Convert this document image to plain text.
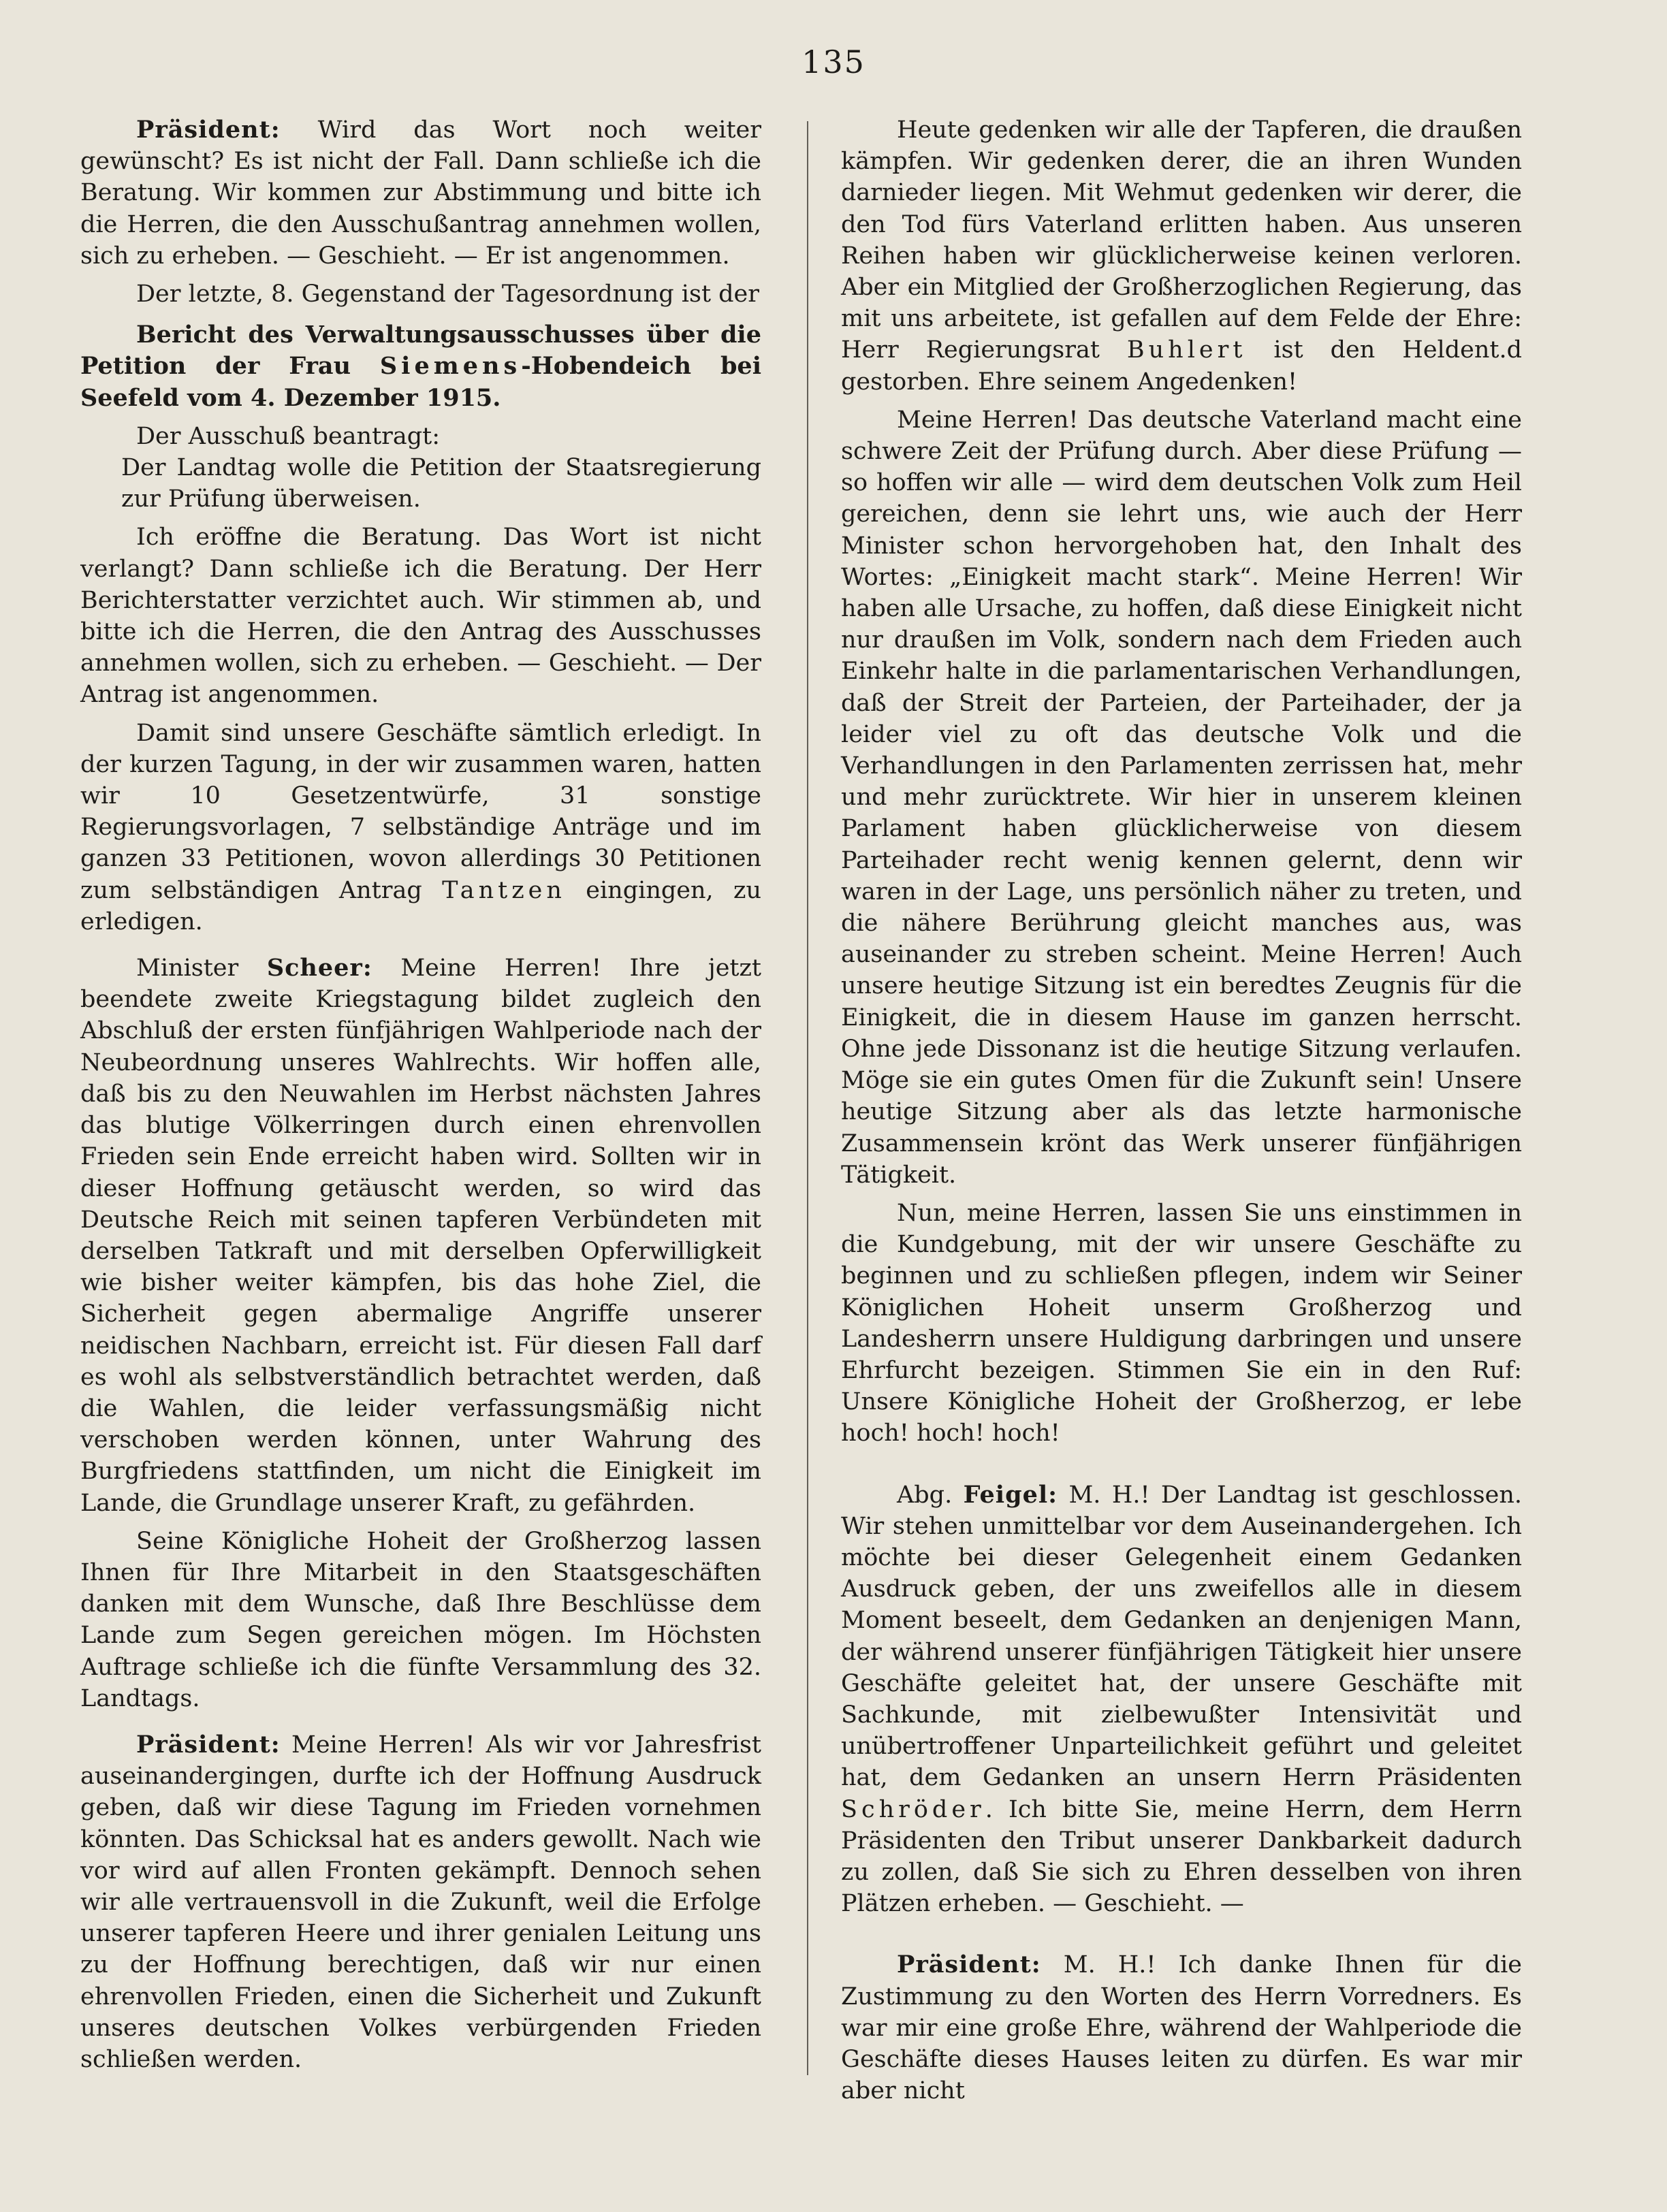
135

Präsident: Wird das Wort noch weiter gewünscht? Es ist nicht der Fall. Dann schließe ich die Beratung. Wir kommen zur Abstimmung und bitte ich die Herren, die den Ausschußantrag annehmen wollen, sich zu erheben. — Geschieht. — Er ist angenommen.

Der letzte, 8. Gegenstand der Tagesordnung ist der

Bericht des Verwaltungsausschusses über die Petition der Frau Siemens-Hobendeich bei Seefeld vom 4. Dezember 1915.

Der Ausschuß beantragt:

Der Landtag wolle die Petition der Staatsregierung zur Prüfung überweisen.

Ich eröffne die Beratung. Das Wort ist nicht verlangt? Dann schließe ich die Beratung. Der Herr Berichterstatter verzichtet auch. Wir stimmen ab, und bitte ich die Herren, die den Antrag des Ausschusses annehmen wollen, sich zu erheben. — Geschieht. — Der Antrag ist angenommen.

Damit sind unsere Geschäfte sämtlich erledigt. In der kurzen Tagung, in der wir zusammen waren, hatten wir 10 Gesetzentwürfe, 31 sonstige Regierungsvorlagen, 7 selbständige Anträge und im ganzen 33 Petitionen, wovon allerdings 30 Petitionen zum selbständigen Antrag Tantzen eingingen, zu erledigen.

Minister Scheer: Meine Herren! Ihre jetzt beendete zweite Kriegstagung bildet zugleich den Abschluß der ersten fünfjährigen Wahlperiode nach der Neubeordnung unseres Wahlrechts. Wir hoffen alle, daß bis zu den Neuwahlen im Herbst nächsten Jahres das blutige Völkerringen durch einen ehrenvollen Frieden sein Ende erreicht haben wird. Sollten wir in dieser Hoffnung getäuscht werden, so wird das Deutsche Reich mit seinen tapferen Verbündeten mit derselben Tatkraft und mit derselben Opferwilligkeit wie bisher weiter kämpfen, bis das hohe Ziel, die Sicherheit gegen abermalige Angriffe unserer neidischen Nachbarn, erreicht ist. Für diesen Fall darf es wohl als selbstverständlich betrachtet werden, daß die Wahlen, die leider verfassungsmäßig nicht verschoben werden können, unter Wahrung des Burgfriedens stattfinden, um nicht die Einigkeit im Lande, die Grundlage unserer Kraft, zu gefährden.

Seine Königliche Hoheit der Großherzog lassen Ihnen für Ihre Mitarbeit in den Staatsgeschäften danken mit dem Wunsche, daß Ihre Beschlüsse dem Lande zum Segen gereichen mögen. Im Höchsten Auftrage schließe ich die fünfte Versammlung des 32. Landtags.

Präsident: Meine Herren! Als wir vor Jahresfrist auseinandergingen, durfte ich der Hoffnung Ausdruck geben, daß wir diese Tagung im Frieden vornehmen könnten. Das Schicksal hat es anders gewollt. Nach wie vor wird auf allen Fronten gekämpft. Dennoch sehen wir alle vertrauensvoll in die Zukunft, weil die Erfolge unserer tapferen Heere und ihrer genialen Leitung uns zu der Hoffnung berechtigen, daß wir nur einen ehrenvollen Frieden, einen die Sicherheit und Zukunft unseres deutschen Volkes verbürgenden Frieden schließen werden.

Heute gedenken wir alle der Tapferen, die draußen kämpfen. Wir gedenken derer, die an ihren Wunden darnieder liegen. Mit Wehmut gedenken wir derer, die den Tod fürs Vaterland erlitten haben. Aus unseren Reihen haben wir glücklicherweise keinen verloren. Aber ein Mitglied der Großherzoglichen Regierung, das mit uns arbeitete, ist gefallen auf dem Felde der Ehre: Herr Regierungsrat Buhlert ist den Heldent.d gestorben. Ehre seinem Angedenken!

Meine Herren! Das deutsche Vaterland macht eine schwere Zeit der Prüfung durch. Aber diese Prüfung — so hoffen wir alle — wird dem deutschen Volk zum Heil gereichen, denn sie lehrt uns, wie auch der Herr Minister schon hervorgehoben hat, den Inhalt des Wortes: „Einigkeit macht stark“. Meine Herren! Wir haben alle Ursache, zu hoffen, daß diese Einigkeit nicht nur draußen im Volk, sondern nach dem Frieden auch Einkehr halte in die parlamentarischen Verhandlungen, daß der Streit der Parteien, der Parteihader, der ja leider viel zu oft das deutsche Volk und die Verhandlungen in den Parlamenten zerrissen hat, mehr und mehr zurücktrete. Wir hier in unserem kleinen Parlament haben glücklicherweise von diesem Parteihader recht wenig kennen gelernt, denn wir waren in der Lage, uns persönlich näher zu treten, und die nähere Berührung gleicht manches aus, was auseinander zu streben scheint. Meine Herren! Auch unsere heutige Sitzung ist ein beredtes Zeugnis für die Einigkeit, die in diesem Hause im ganzen herrscht. Ohne jede Dissonanz ist die heutige Sitzung verlaufen. Möge sie ein gutes Omen für die Zukunft sein! Unsere heutige Sitzung aber als das letzte harmonische Zusammensein krönt das Werk unserer fünfjährigen Tätigkeit.

Nun, meine Herren, lassen Sie uns einstimmen in die Kundgebung, mit der wir unsere Geschäfte zu beginnen und zu schließen pflegen, indem wir Seiner Königlichen Hoheit unserm Großherzog und Landesherrn unsere Huldigung darbringen und unsere Ehrfurcht bezeigen. Stimmen Sie ein in den Ruf: Unsere Königliche Hoheit der Großherzog, er lebe hoch! hoch! hoch!

Abg. Feigel: M. H.! Der Landtag ist geschlossen. Wir stehen unmittelbar vor dem Auseinandergehen. Ich möchte bei dieser Gelegenheit einem Gedanken Ausdruck geben, der uns zweifellos alle in diesem Moment beseelt, dem Gedanken an denjenigen Mann, der während unserer fünfjährigen Tätigkeit hier unsere Geschäfte geleitet hat, der unsere Geschäfte mit Sachkunde, mit zielbewußter Intensivität und unübertroffener Unparteilichkeit geführt und geleitet hat, dem Gedanken an unsern Herrn Präsidenten Schröder. Ich bitte Sie, meine Herrn, dem Herrn Präsidenten den Tribut unserer Dankbarkeit dadurch zu zollen, daß Sie sich zu Ehren desselben von ihren Plätzen erheben. — Geschieht. —

Präsident: M. H.! Ich danke Ihnen für die Zustimmung zu den Worten des Herrn Vorredners. Es war mir eine große Ehre, während der Wahlperiode die Geschäfte dieses Hauses leiten zu dürfen. Es war mir aber nicht
